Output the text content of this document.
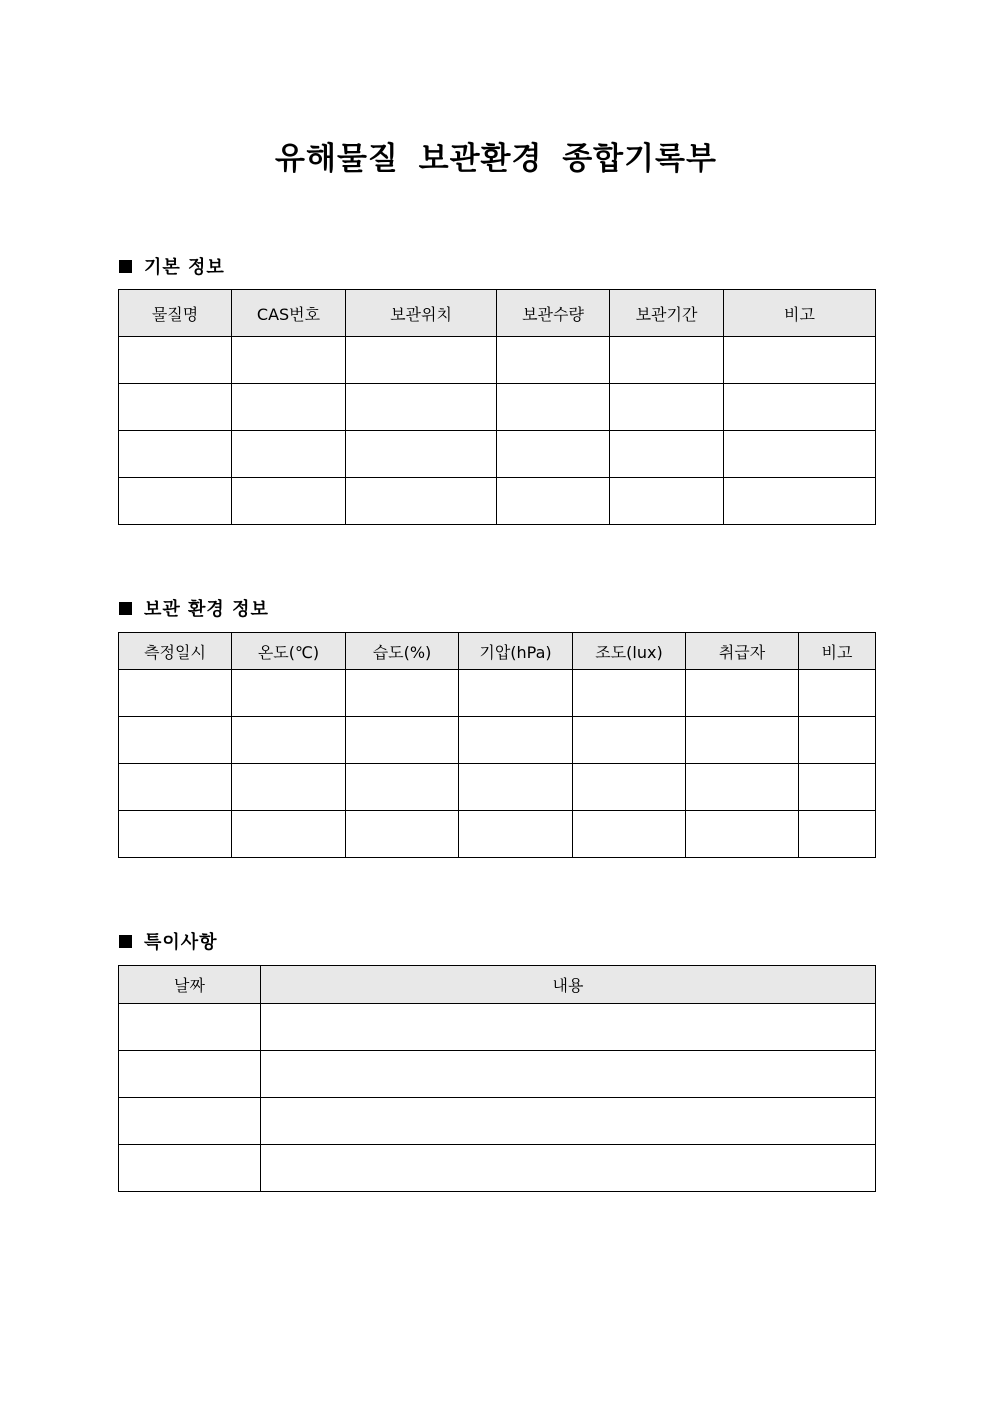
유해물질 보관환경 종합기록부
기본 정보
물질명	CAS번호	보관위치	보관수량	보관기간	비고

보관 환경 정보
측정일시	온도(℃)	습도(%)	기압(hPa)	조도(lux)	취급자	비고

특이사항
날짜	내용
